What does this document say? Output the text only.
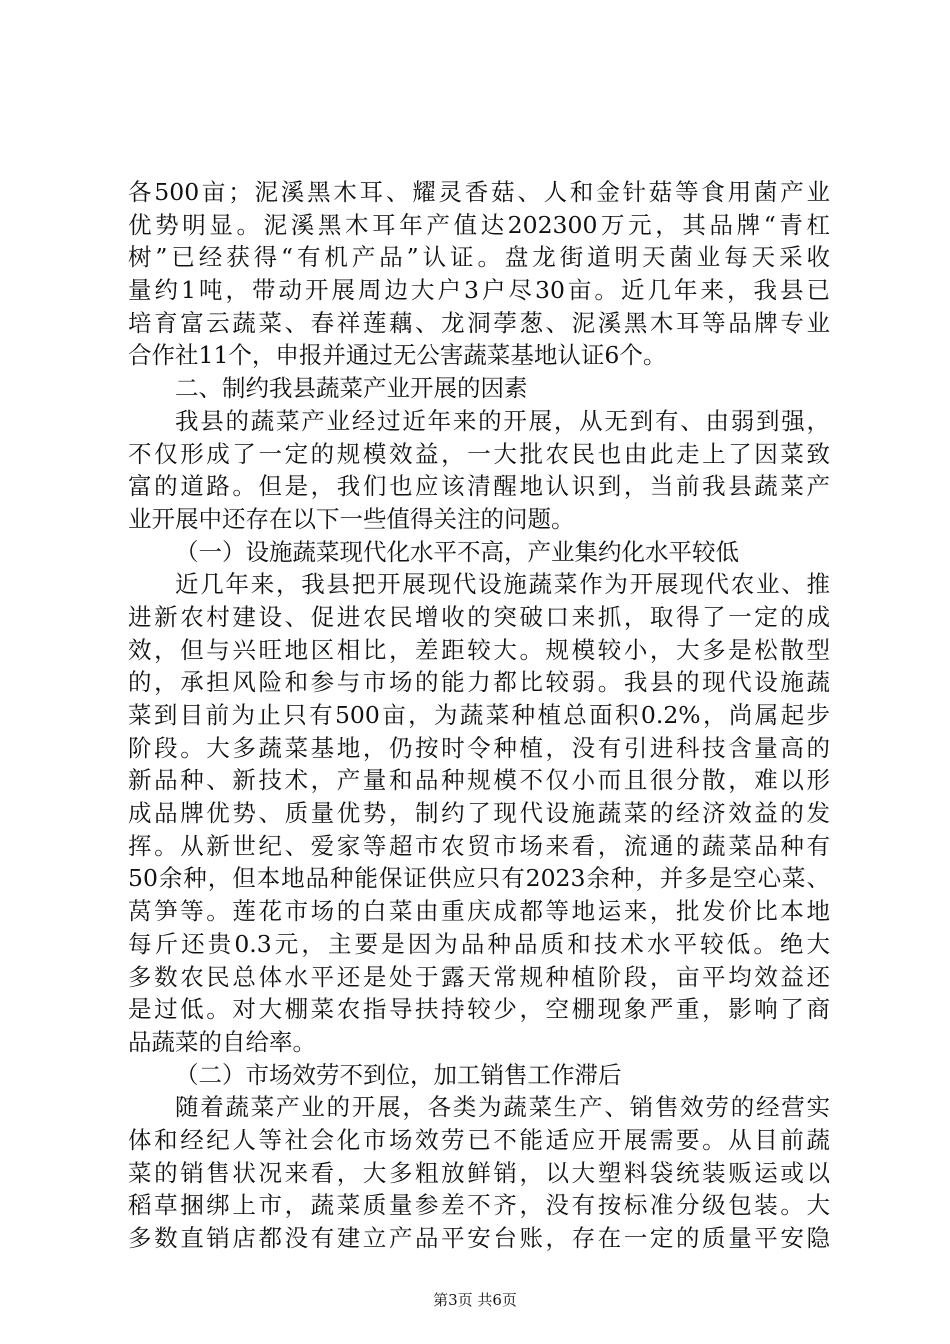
各500亩；泥溪黑木耳、耀灵香菇、人和金针菇等食用菌产业
优势明显。泥溪黑木耳年产值达202300万元，其品牌“青杠
树”已经获得“有机产品”认证。盘龙街道明天菌业每天采收
量约1吨，带动开展周边大户3户尽30亩。近几年来，我县已
培育富云蔬菜、春祥莲藕、龙洞荸葱、泥溪黑木耳等品牌专业
合作社11个，申报并通过无公害蔬菜基地认证6个。
二、制约我县蔬菜产业开展的因素
我县的蔬菜产业经过近年来的开展，从无到有、由弱到强，
不仅形成了一定的规模效益，一大批农民也由此走上了因菜致
富的道路。但是，我们也应该清醒地认识到，当前我县蔬菜产
业开展中还存在以下一些值得关注的问题。
（一）设施蔬菜现代化水平不高，产业集约化水平较低
近几年来，我县把开展现代设施蔬菜作为开展现代农业、推
进新农村建设、促进农民增收的突破口来抓，取得了一定的成
效，但与兴旺地区相比，差距较大。规模较小，大多是松散型
的，承担风险和参与市场的能力都比较弱。我县的现代设施蔬
菜到目前为止只有500亩，为蔬菜种植总面积0.2%，尚属起步
阶段。大多蔬菜基地，仍按时令种植，没有引进科技含量高的
新品种、新技术，产量和品种规模不仅小而且很分散，难以形
成品牌优势、质量优势，制约了现代设施蔬菜的经济效益的发
挥。从新世纪、爱家等超市农贸市场来看，流通的蔬菜品种有
50余种，但本地品种能保证供应只有2023余种，并多是空心菜、
莴笋等。莲花市场的白菜由重庆成都等地运来，批发价比本地
每斤还贵0.3元，主要是因为品种品质和技术水平较低。绝大
多数农民总体水平还是处于露天常规种植阶段，亩平均效益还
是过低。对大棚菜农指导扶持较少，空棚现象严重，影响了商
品蔬菜的自给率。
（二）市场效劳不到位，加工销售工作滞后
随着蔬菜产业的开展，各类为蔬菜生产、销售效劳的经营实
体和经纪人等社会化市场效劳已不能适应开展需要。从目前蔬
菜的销售状况来看，大多粗放鲜销，以大塑料袋统装贩运或以
稻草捆绑上市，蔬菜质量参差不齐，没有按标准分级包装。大
多数直销店都没有建立产品平安台账，存在一定的质量平安隐
第3页 共6页
